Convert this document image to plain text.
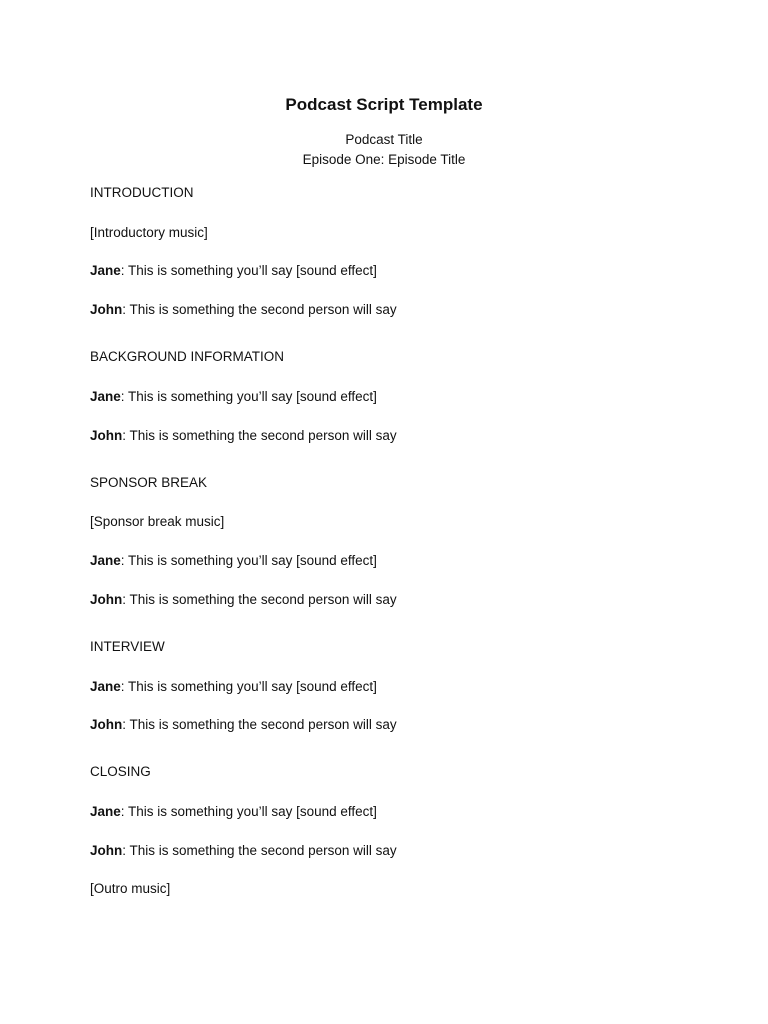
Podcast Script Template
Podcast Title
Episode One: Episode Title
INTRODUCTION
[Introductory music]
Jane: This is something you’ll say [sound effect]
John: This is something the second person will say
BACKGROUND INFORMATION
Jane: This is something you’ll say [sound effect]
John: This is something the second person will say
SPONSOR BREAK
[Sponsor break music]
Jane: This is something you’ll say [sound effect]
John: This is something the second person will say
INTERVIEW
Jane: This is something you’ll say [sound effect]
John: This is something the second person will say
CLOSING
Jane: This is something you’ll say [sound effect]
John: This is something the second person will say
[Outro music]
